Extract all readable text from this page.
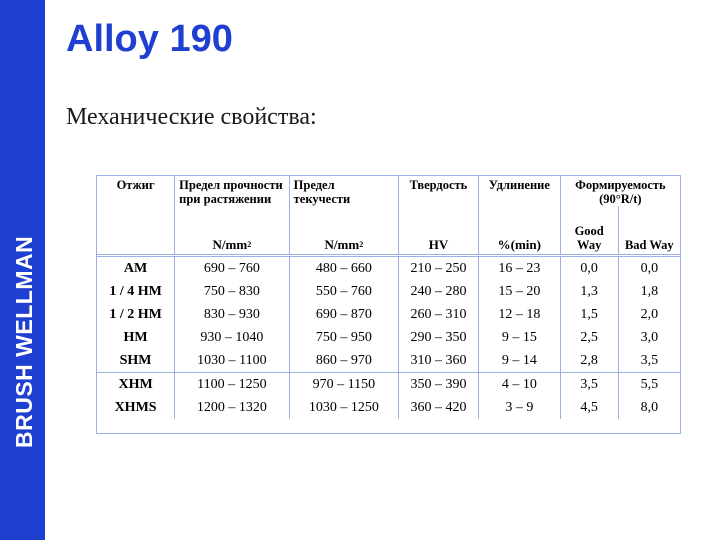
BRUSH WELLMAN
Alloy 190
Механические свойства:
Отжиг	Предел прочности при растяжении	Предел текучести	Твердость	Удлинение	Формируемость (90°R/t)	
	$N/mm^2$	$N/mm^2$	HV	%(min)	Good Way	Bad Way
AM	690 – 760	480 – 660	210 – 250	16 – 23	0,0	0,0
1 / 4 HM	750 – 830	550 – 760	240 – 280	15 – 20	1,3	1,8
1 / 2 HM	830 – 930	690 – 870	260 – 310	12 – 18	1,5	2,0
HM	930 – 1040	750 – 950	290 – 350	9 – 15	2,5	3,0
SHM	1030 – 1100	860 – 970	310 – 360	9 – 14	2,8	3,5
XHM	1100 – 1250	970 – 1150	350 – 390	4 – 10	3,5	5,5
XHMS	1200 – 1320	1030 – 1250	360 – 420	3 – 9	4,5	8,0
